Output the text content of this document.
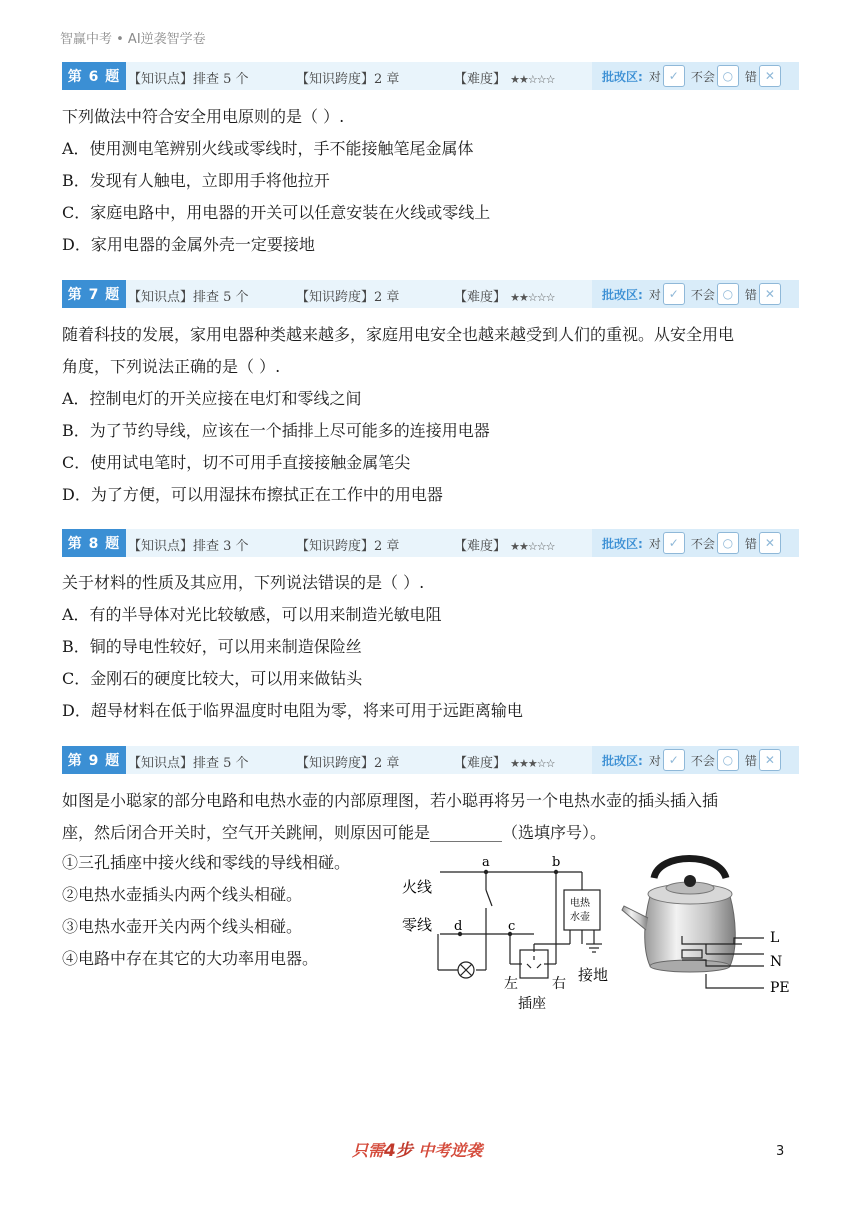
智赢中考 • AI逆袭智学卷
第 6 题 【知识点】排查 5 个	【知识跨度】2 章	【难度】 ★★☆☆☆	批改区: 对 ✓ 不会 ○ 错 ✕
下列做法中符合安全用电原则的是（ ）.
A．使用测电笔辨别火线或零线时，手不能接触笔尾金属体
B．发现有人触电，立即用手将他拉开
C．家庭电路中，用电器的开关可以任意安装在火线或零线上
D．家用电器的金属外壳一定要接地
第 7 题 【知识点】排查 5 个	【知识跨度】2 章	【难度】 ★★☆☆☆	批改区: 对 ✓ 不会 ○ 错 ✕
随着科技的发展，家用电器种类越来越多，家庭用电安全也越来越受到人们的重视。从安全用电
角度，下列说法正确的是（ ）.
A．控制电灯的开关应接在电灯和零线之间
B．为了节约导线，应该在一个插排上尽可能多的连接用电器
C．使用试电笔时，切不可用手直接接触金属笔尖
D．为了方便，可以用湿抹布擦拭正在工作中的用电器
第 8 题 【知识点】排查 3 个	【知识跨度】2 章	【难度】 ★★☆☆☆	批改区: 对 ✓ 不会 ○ 错 ✕
关于材料的性质及其应用，下列说法错误的是（ ）.
A．有的半导体对光比较敏感，可以用来制造光敏电阻
B．铜的导电性较好，可以用来制造保险丝
C．金刚石的硬度比较大，可以用来做钻头
D．超导材料在低于临界温度时电阻为零，将来可用于远距离输电
第 9 题 【知识点】排查 5 个	【知识跨度】2 章	【难度】 ★★★☆☆	批改区: 对 ✓ 不会 ○ 错 ✕
如图是小聪家的部分电路和电热水壶的内部原理图，若小聪再将另一个电热水壶的插头插入插
座，然后闭合开关时，空气开关跳闸，则原因可能是_________（选填序号）。
①三孔插座中接火线和零线的导线相碰。
②电热水壶插头内两个线头相碰。
③电热水壶开关内两个线头相碰。
④电路中存在其它的大功率用电器。
火线
零线
a	b
c
d
电热
水壶
左 右
插座
接地
L
N
PE
只需4步 中考逆袭	3
